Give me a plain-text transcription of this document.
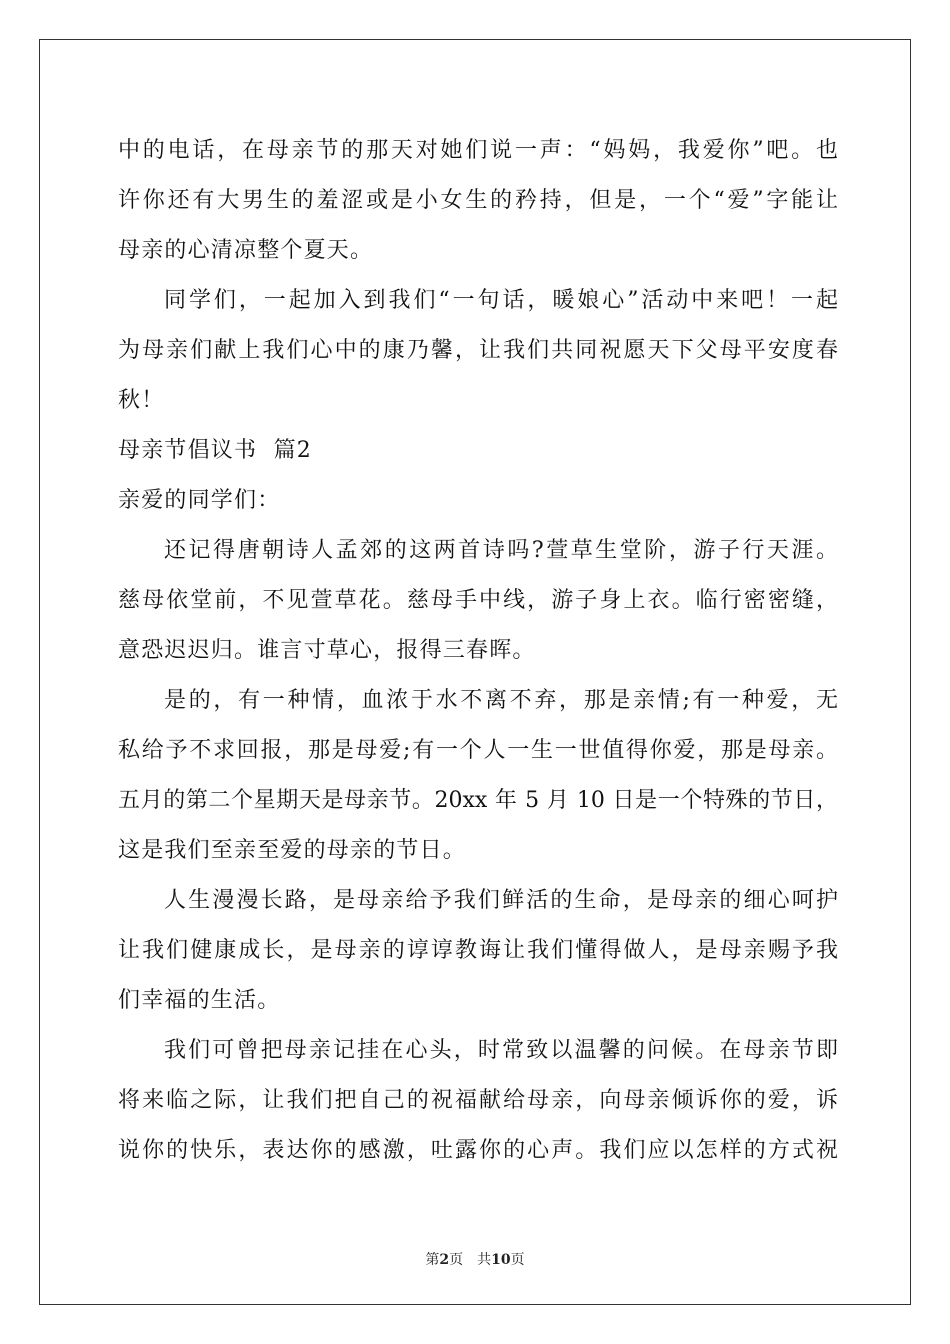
中的电话，在母亲节的那天对她们说一声：“妈妈，我爱你”吧。也
许你还有大男生的羞涩或是小女生的矜持，但是，一个“爱”字能让
母亲的心清凉整个夏天。
同学们，一起加入到我们“一句话，暖娘心”活动中来吧！一起
为母亲们献上我们心中的康乃馨，让我们共同祝愿天下父母平安度春
秋！
母亲节倡议书  篇2
亲爱的同学们：
还记得唐朝诗人孟郊的这两首诗吗?萱草生堂阶，游子行天涯。
慈母依堂前，不见萱草花。慈母手中线，游子身上衣。临行密密缝，
意恐迟迟归。谁言寸草心，报得三春晖。
是的，有一种情，血浓于水不离不弃，那是亲情;有一种爱，无
私给予不求回报，那是母爱;有一个人一生一世值得你爱，那是母亲。
五月的第二个星期天是母亲节。20xx 年 5 月 10 日是一个特殊的节日，
这是我们至亲至爱的母亲的节日。
人生漫漫长路，是母亲给予我们鲜活的生命，是母亲的细心呵护
让我们健康成长，是母亲的谆谆教诲让我们懂得做人，是母亲赐予我
们幸福的生活。
我们可曾把母亲记挂在心头，时常致以温馨的问候。在母亲节即
将来临之际，让我们把自己的祝福献给母亲，向母亲倾诉你的爱，诉
说你的快乐，表达你的感激，吐露你的心声。我们应以怎样的方式祝
第2页 共10页
